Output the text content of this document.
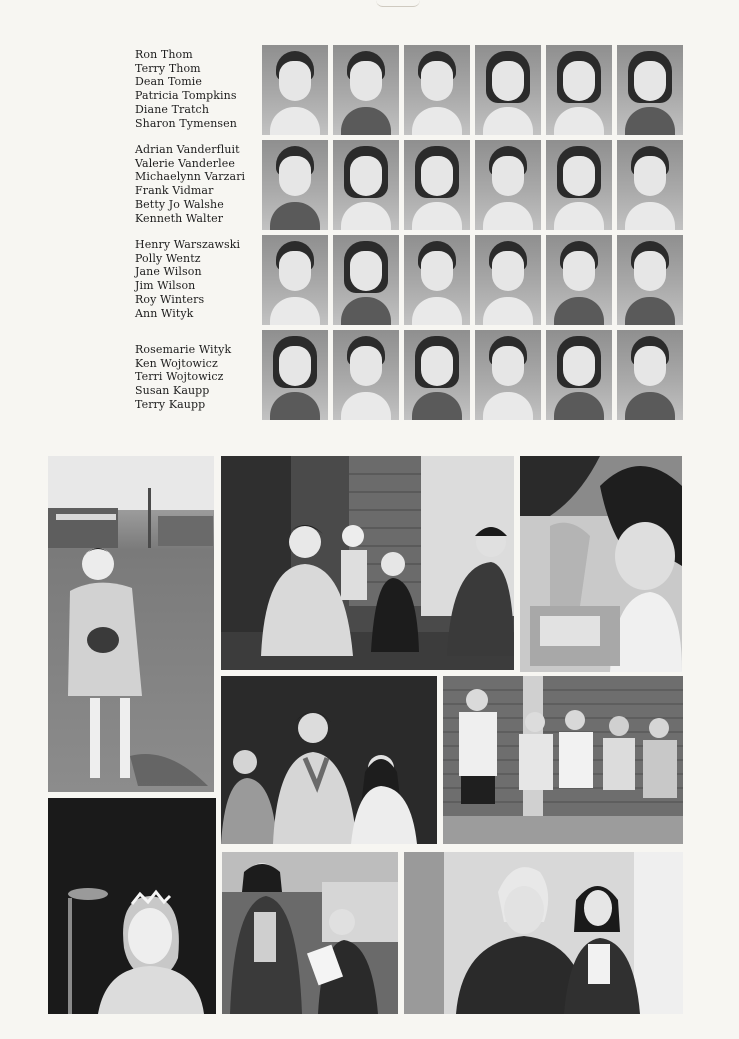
Ron Thom
Terry Thom
Dean Tomie
Patricia Tompkins
Diane Tratch
Sharon Tymensen
Adrian Vanderfluit
Valerie Vanderlee
Michaelynn Varzari
Frank Vidmar
Betty Jo Walshe
Kenneth Walter
Henry Warszawski
Polly Wentz
Jane Wilson
Jim Wilson
Roy Winters
Ann Wityk
Rosemarie Wityk
Ken Wojtowicz
Terri Wojtowicz
Susan Kaupp
Terry Kaupp
